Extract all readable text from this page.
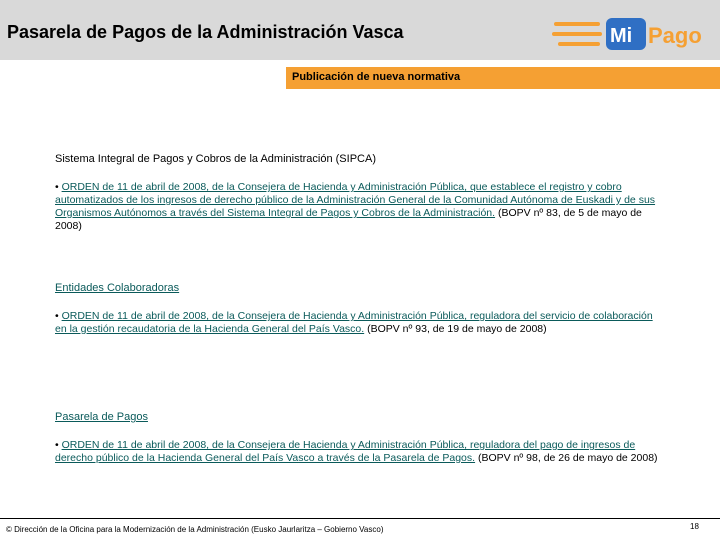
Pasarela de Pagos de la Administración Vasca	Mi Pago
Publicación de nueva normativa

Sistema Integral de Pagos y Cobros de la Administración (SIPCA)

• ORDEN de 11 de abril de 2008, de la Consejera de Hacienda y Administración Pública, que establece el registro y cobro automatizados de los ingresos de derecho público de la Administración General de la Comunidad Autónoma de Euskadi y de sus Organismos Autónomos a través del Sistema Integral de Pagos y Cobros de la Administración. (BOPV nº 83, de 5 de mayo de 2008)

Entidades Colaboradoras

• ORDEN de 11 de abril de 2008, de la Consejera de Hacienda y Administración Pública, reguladora del servicio de colaboración en la gestión recaudatoria de la Hacienda General del País Vasco. (BOPV nº 93, de 19 de mayo de 2008)

Pasarela de Pagos

• ORDEN de 11 de abril de 2008, de la Consejera de Hacienda y Administración Pública, reguladora del pago de ingresos de derecho público de la Hacienda General del País Vasco a través de la Pasarela de Pagos. (BOPV nº 98, de 26 de mayo de 2008)

© Dirección de la Oficina para la Modernización de la Administración (Eusko Jaurlaritza – Gobierno Vasco)	18
